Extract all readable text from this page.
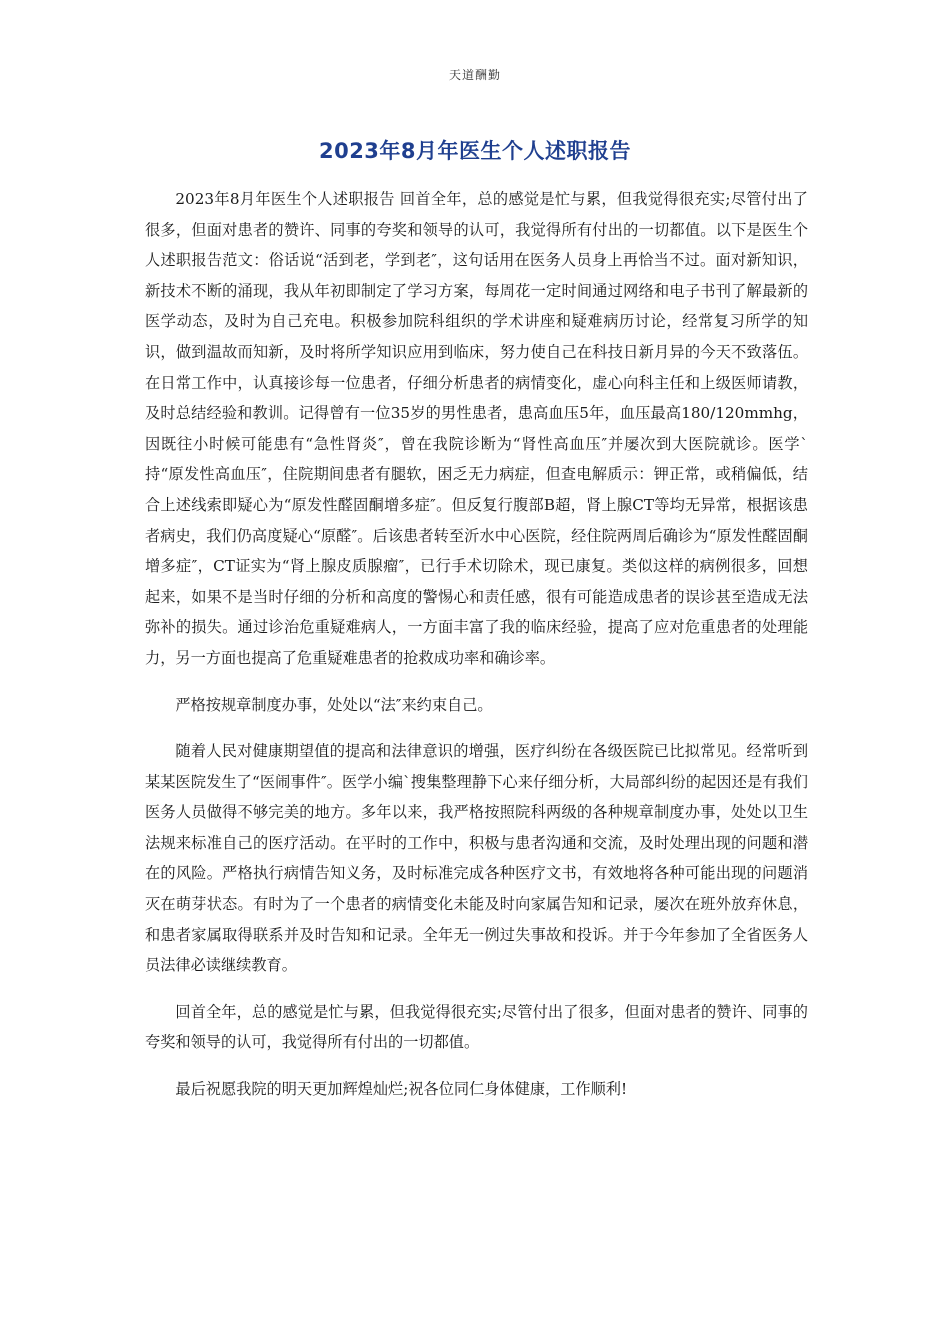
天道酬勤
2023年8月年医生个人述职报告

2023年8月年医生个人述职报告 回首全年，总的感觉是忙与累，但我觉得很充实;尽管付出了很多，但面对患者的赞许、同事的夸奖和领导的认可，我觉得所有付出的一切都值。以下是医生个人述职报告范文：俗话说“活到老，学到老″，这句话用在医务人员身上再恰当不过。面对新知识，新技术不断的涌现，我从年初即制定了学习方案，每周花一定时间通过网络和电子书刊了解最新的医学动态，及时为自己充电。积极参加院科组织的学术讲座和疑难病历讨论，经常复习所学的知识，做到温故而知新，及时将所学知识应用到临床，努力使自己在科技日新月异的今天不致落伍。在日常工作中，认真接诊每一位患者，仔细分析患者的病情变化，虚心向科主任和上级医师请教，及时总结经验和教训。记得曾有一位35岁的男性患者，患高血压5年，血压最高180/120mmhg，因既往小时候可能患有“急性肾炎″，曾在我院诊断为“肾性高血压″并屡次到大医院就诊。医学`持“原发性高血压″，住院期间患者有腿软，困乏无力病症，但查电解质示：钾正常，或稍偏低，结合上述线索即疑心为“原发性醛固酮增多症″。但反复行腹部B超，肾上腺CT等均无异常，根据该患者病史，我们仍高度疑心“原醛″。后该患者转至沂水中心医院，经住院两周后确诊为“原发性醛固酮增多症″，CT证实为“肾上腺皮质腺瘤″，已行手术切除术，现已康复。类似这样的病例很多，回想起来，如果不是当时仔细的分析和高度的警惕心和责任感，很有可能造成患者的误诊甚至造成无法弥补的损失。通过诊治危重疑难病人，一方面丰富了我的临床经验，提高了应对危重患者的处理能力，另一方面也提高了危重疑难患者的抢救成功率和确诊率。

严格按规章制度办事，处处以“法″来约束自己。

随着人民对健康期望值的提高和法律意识的增强，医疗纠纷在各级医院已比拟常见。经常听到某某医院发生了“医闹事件″。医学小编`搜集整理静下心来仔细分析，大局部纠纷的起因还是有我们医务人员做得不够完美的地方。多年以来，我严格按照院科两级的各种规章制度办事，处处以卫生法规来标准自己的医疗活动。在平时的工作中，积极与患者沟通和交流，及时处理出现的问题和潜在的风险。严格执行病情告知义务，及时标准完成各种医疗文书，有效地将各种可能出现的问题消灭在萌芽状态。有时为了一个患者的病情变化未能及时向家属告知和记录，屡次在班外放弃休息，和患者家属取得联系并及时告知和记录。全年无一例过失事故和投诉。并于今年参加了全省医务人员法律必读继续教育。

回首全年，总的感觉是忙与累，但我觉得很充实;尽管付出了很多，但面对患者的赞许、同事的夸奖和领导的认可，我觉得所有付出的一切都值。

最后祝愿我院的明天更加辉煌灿烂;祝各位同仁身体健康，工作顺利!
